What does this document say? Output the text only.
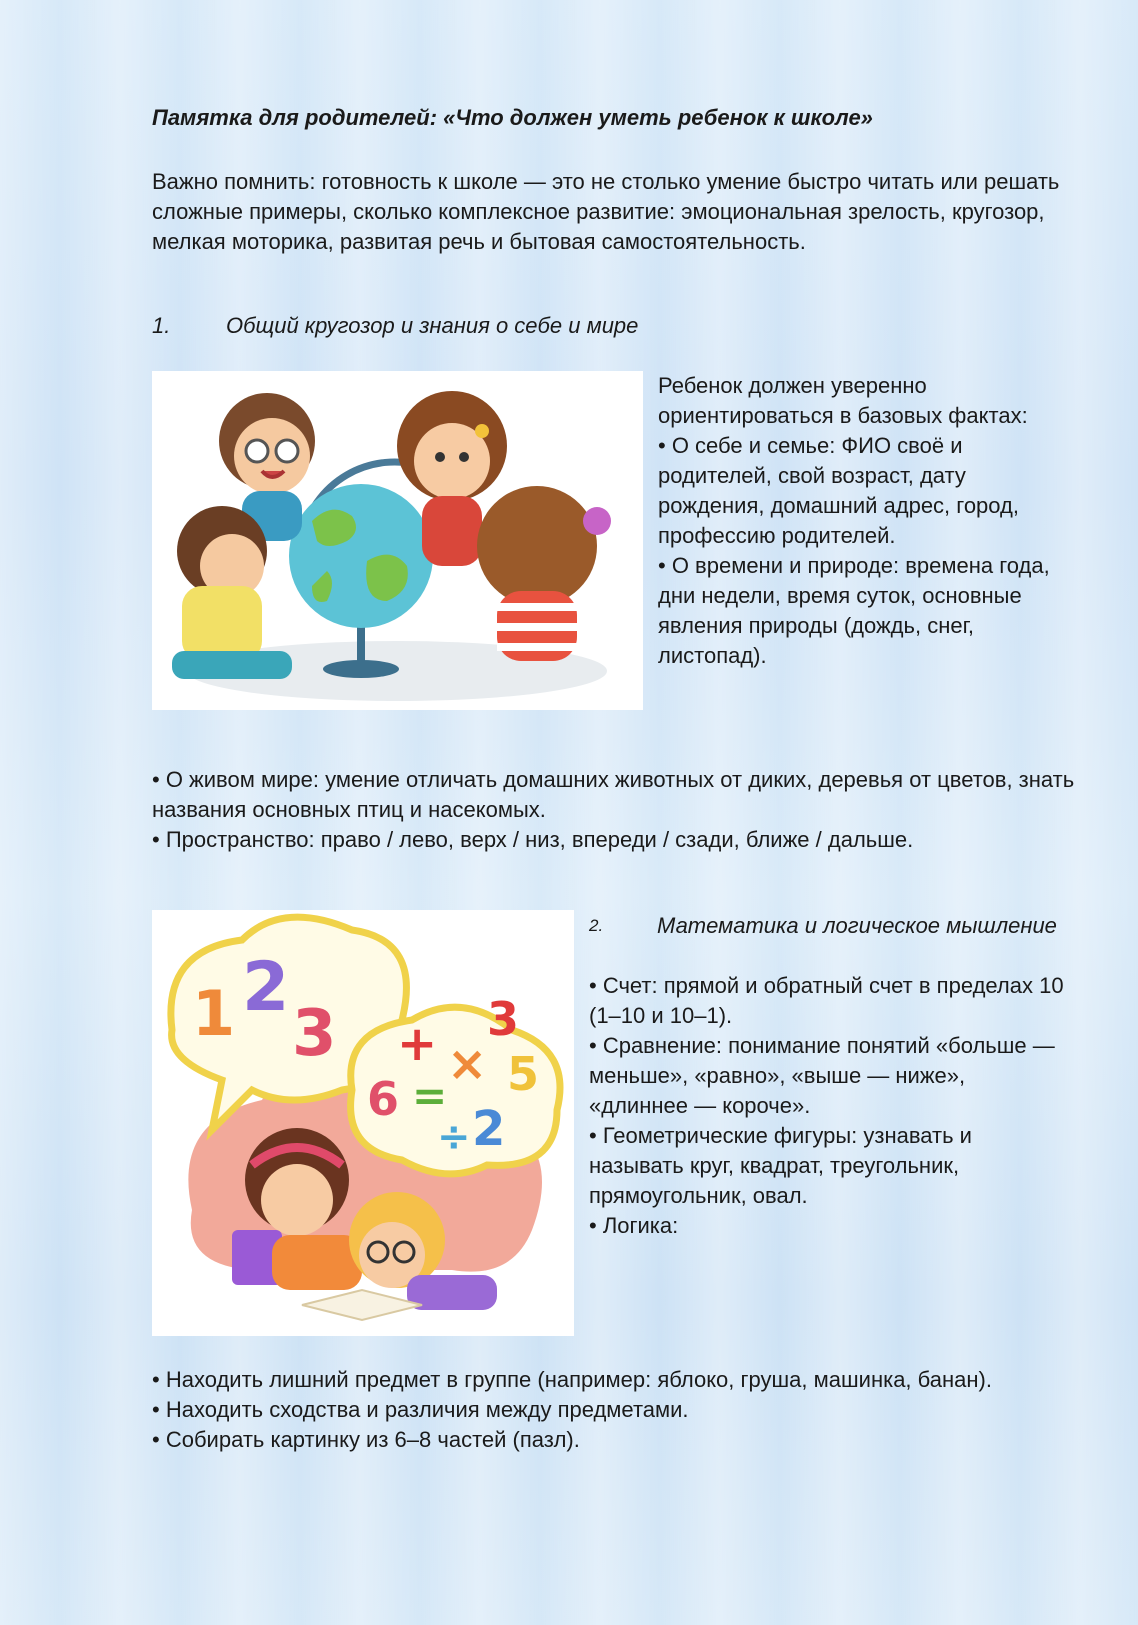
Памятка для родителей: «Что должен уметь ребенок к школе»
Важно помнить: готовность к школе — это не столько умение быстро читать или решать сложные примеры, сколько комплексное развитие: эмоциональная зрелость, кругозор, мелкая моторика, развитая речь и бытовая самостоятельность.
1.	Общий кругозор и знания о себе и мире

Ребенок должен уверенно ориентироваться в базовых фактах:

• О себе и семье: ФИО своё и родителей, свой возраст, дату рождения, домашний адрес, город, профессию родителей.

• О времени и природе: времена года, дни недели, время суток, основные явления природы (дождь, снег, листопад).

• О живом мире: умение отличать домашних животных от диких, деревья от цветов, знать названия основных птиц и насекомых.

• Пространство: право / лево, верх / низ, впереди / сзади, ближе / дальше.

1 2
3 + ×
3
6 =
÷ 2
5
2.	Математика и логическое мышление

• Счет: прямой и обратный счет в пределах 10 (1–10 и 10–1).

• Сравнение: понимание понятий «больше — меньше», «равно», «выше — ниже», «длиннее — короче».

• Геометрические фигуры: узнавать и называть круг, квадрат, треугольник, прямоугольник, овал.

• Логика:

• Находить лишний предмет в группе (например: яблоко, груша, машинка, банан).

• Находить сходства и различия между предметами.

• Собирать картинку из 6–8 частей (пазл).
